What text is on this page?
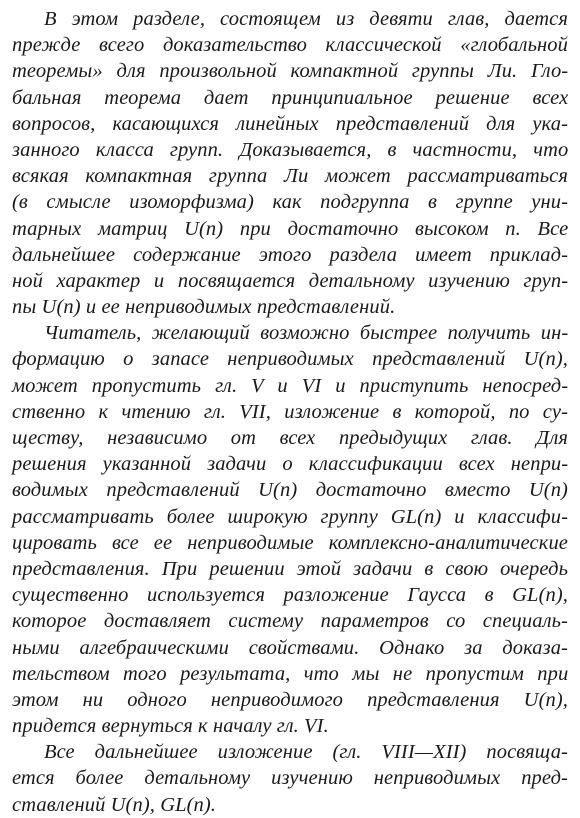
В этом разделе, состоящем из девяти глав, дается
прежде всего доказательство классической «глобальной
теоремы» для произвольной компактной группы Ли. Гло-
бальная теорема дает принципиальное решение всех
вопросов, касающихся линейных представлений для ука-
занного класса групп. Доказывается, в частности, что
всякая компактная группа Ли может рассматриваться
(в смысле изоморфизма) как подгруппа в группе уни-
тарных матриц U(n) при достаточно высоком n. Все
дальнейшее содержание этого раздела имеет приклад-
ной характер и посвящается детальному изучению груп-
пы U(n) и ее неприводимых представлений.
Читатель, желающий возможно быстрее получить ин-
формацию о запасе неприводимых представлений U(n),
может пропустить гл. V и VI и приступить непосред-
ственно к чтению гл. VII, изложение в которой, по су-
ществу, независимо от всех предыдущих глав. Для
решения указанной задачи о классификации всех непри-
водимых представлений U(n) достаточно вместо U(n)
рассматривать более широкую группу GL(n) и классифи-
цировать все ее неприводимые комплексно-аналитические
представления. При решении этой задачи в свою очередь
существенно используется разложение Гаусса в GL(n),
которое доставляет систему параметров со специаль-
ными алгебраическими свойствами. Однако за доказа-
тельством того результата, что мы не пропустим при
этом ни одного неприводимого представления U(n),
придется вернуться к началу гл. VI.
Все дальнейшее изложение (гл. VIII—XII) посвяща-
ется более детальному изучению неприводимых пред-
ставлений U(n), GL(n).
